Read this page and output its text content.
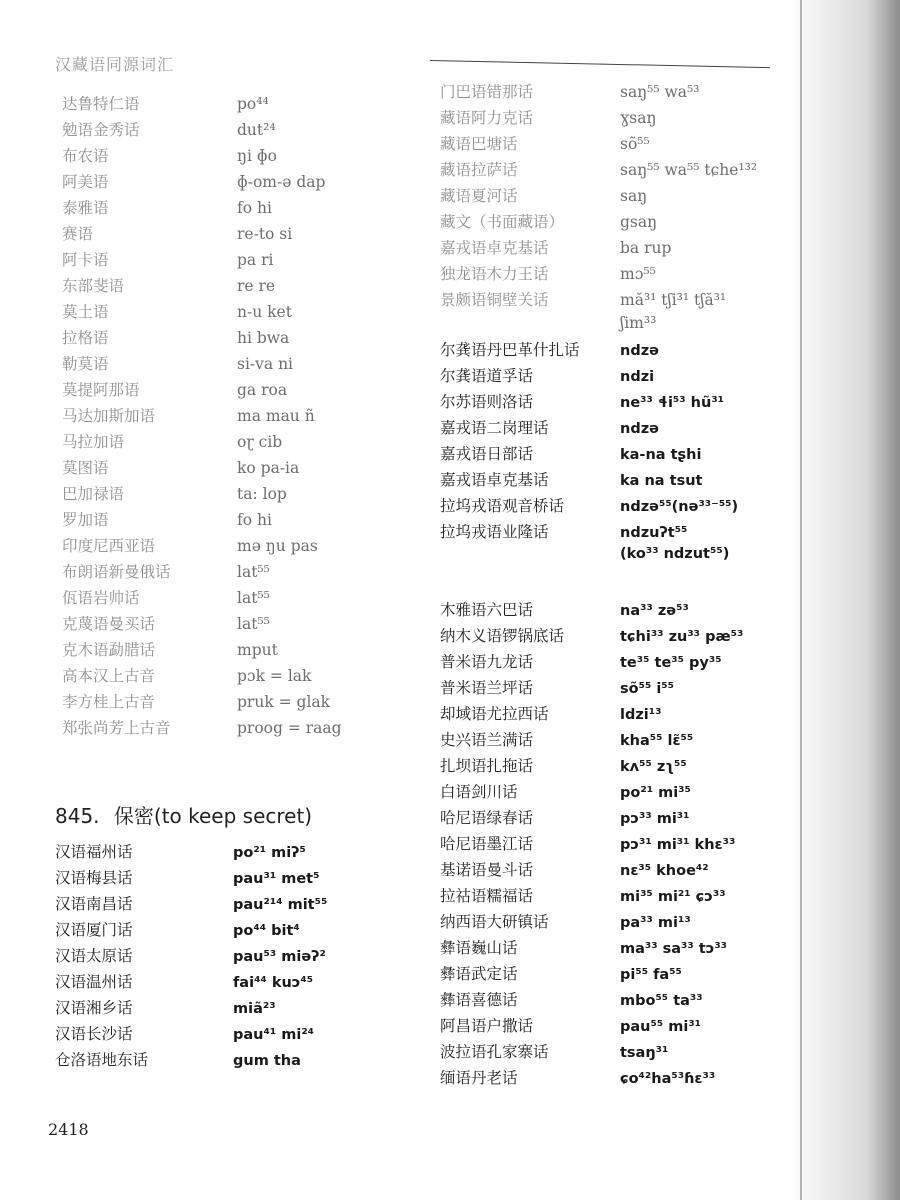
汉藏语同源词汇
达鲁特仁语	po⁴⁴
勉语金秀话	dut²⁴
布农语	ŋi ɸo
阿美语	ɸ-om-ə dap
泰雅语	fo hi
赛语	re-to si
阿卡语	pa ri
东部斐语	re re
莫土语	n-u ket
拉格语	hi bwa
勒莫语	si-va ni
莫提阿那语	ga roa
马达加斯加语	ma mau ñ
马拉加语	oɽ cib
莫图语	ko pa-ia
巴加禄语	ta: lop
罗加语	fo hi
印度尼西亚语	mə ŋu pas
布朗语新曼俄话	lat⁵⁵
佤语岩帅话	lat⁵⁵
克蔑语曼买话	lat⁵⁵
克木语勐腊话	mput
高本汉上古音	pɔk = lak
李方桂上古音	pruk = glak
郑张尚芳上古音	proog = raag
845. 保密(to keep secret)
汉语福州话	po²¹ miʔ⁵
汉语梅县话	pau³¹ met⁵
汉语南昌话	pau²¹⁴ mit⁵⁵
汉语厦门话	po⁴⁴ bit⁴
汉语太原话	pau⁵³ miəʔ²
汉语温州话	fai⁴⁴ kuɔ⁴⁵
汉语湘乡话	miã²³
汉语长沙话	pau⁴¹ mi²⁴
仓洛语地东话	gum tha
门巴语错那话	saŋ⁵⁵ wa⁵³
藏语阿力克话	ɣsaŋ
藏语巴塘话	sõ⁵⁵
藏语拉萨话	saŋ⁵⁵ wa⁵⁵ tɕhe¹³²
藏语夏河话	saŋ
藏文（书面藏语）	gsaŋ
嘉戎语卓克基话	ba rup
独龙语木力王话	mɔ⁵⁵
景颇语铜壁关话	mă³¹ tʃi³¹ tʃă³¹
ʃim³³
尔龚语丹巴革什扎话	ndzə
尔龚语道孚话	ndzi
尔苏语则洛话	ne³³ ɬi⁵³ hũ³¹
嘉戎语二岗理话	ndzə
嘉戎语日部话	ka-na tʂhi
嘉戎语卓克基话	ka na tsut
拉坞戎语观音桥话	ndzə⁵⁵(nə³³⁻⁵⁵)
拉坞戎语业隆话	ndzuʔt⁵⁵
(ko³³ ndzut⁵⁵)
木雅语六巴话	na³³ zə⁵³
纳木义语锣锅底话	tɕhi³³ zu³³ pæ⁵³
普米语九龙话	te³⁵ te³⁵ py³⁵
普米语兰坪话	sõ⁵⁵ i⁵⁵
却域语尤拉西话	ldzi¹³
史兴语兰满话	kha⁵⁵ lɛ̃⁵⁵
扎坝语扎拖话	kʌ⁵⁵ zʅ⁵⁵
白语剑川话	po²¹ mi³⁵
哈尼语绿春话	pɔ³³ mi³¹
哈尼语墨江话	pɔ³¹ mi³¹ khɛ³³
基诺语曼斗话	nɛ³⁵ khoe⁴²
拉祜语糯福话	mi³⁵ mi²¹ ɕɔ³³
纳西语大研镇话	pa³³ mi¹³
彝语巍山话	ma³³ sa³³ tɔ³³
彝语武定话	pi⁵⁵ fa⁵⁵
彝语喜德话	mbo⁵⁵ ta³³
阿昌语户撒话	pau⁵⁵ mi³¹
波拉语孔家寨话	tsaŋ³¹
缅语丹老话	ɕo⁴²ha⁵³ɦɛ³³
2418
